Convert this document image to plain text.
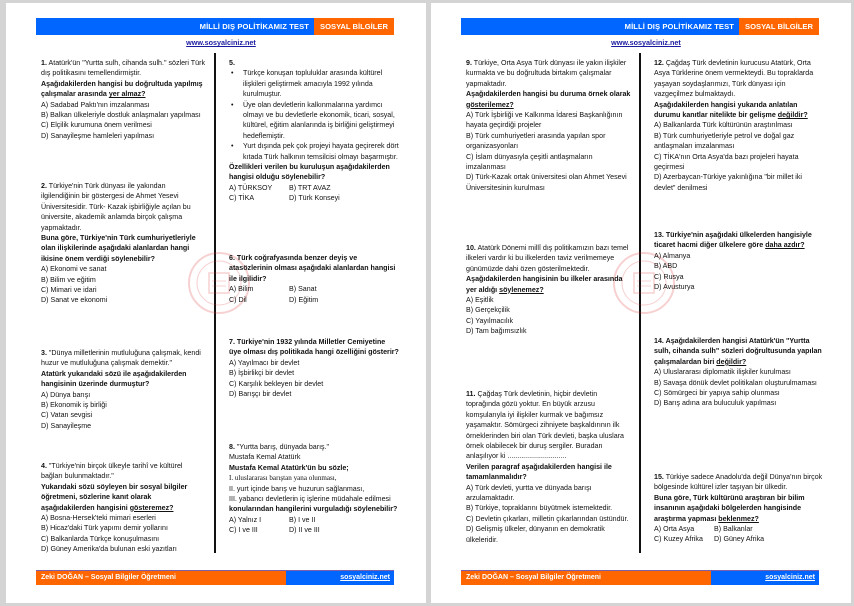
MİLLİ DIŞ POLİTİKAMIZ TEST	SOSYAL BİLGİLER 6
www.sosyalciniz.net
1. Atatürk'ün "Yurtta sulh, cihanda sulh." sözleri Türk dış politikasını temellendirmiştir.
Aşağıdakilerden hangisi bu doğrultuda yapılmış çalışmalar arasında yer almaz?
A) Sadabad Paktı'nın imzalanması
B) Balkan ülkeleriyle dostluk anlaşmaları yapılması
C) Elçilik kurumuna önem verilmesi
D) Sanayileşme hamleleri yapılması
2. Türkiye'nin Türk dünyası ile yakından ilgilendiğinin bir göstergesi de Ahmet Yesevi Üniversitesidir. Türk- Kazak işbirliğiyle açılan bu üniversite, akademik anlamda birçok çalışma yapmaktadır.
Buna göre, Türkiye'nin Türk cumhuriyetleriyle olan ilişkilerinde aşağıdaki alanlardan hangi ikisine önem verdiği söylenebilir?
A) Ekonomi ve sanat
B) Bilim ve eğitim
C) Mimari ve idari
D) Sanat ve ekonomi
3. "Dünya milletlerinin mutluluğuna çalışmak, kendi huzur ve mutluluğuna çalışmak demektir."
Atatürk yukarıdaki sözü ile aşağıdakilerden hangisinin üzerinde durmuştur?
A) Dünya barışı
B) Ekonomik iş birliği
C) Vatan sevgisi
D) Sanayileşme
4. "Türkiye'nin birçok ülkeyle tarihî ve kültürel bağları bulunmaktadır."
Yukarıdaki sözü söyleyen bir sosyal bilgiler öğretmeni, sözlerine kanıt olarak aşağıdakilerden hangisini gösteremez?
A) Bosna-Hersek'teki mimari eserleri
B) Hicaz'daki Türk yapımı demir yollarını
C) Balkanlarda Türkçe konuşulmasını
D) Güney Amerika'da bulunan eski yazıtları
5.
• Türkçe konuşan topluluklar arasında kültürel ilişkileri geliştirmek amacıyla 1992 yılında kurulmuştur.
• Üye olan devletlerin kalkınmalarına yardımcı olmayı ve bu devletlerle ekonomik, ticari, sosyal, kültürel, eğitim alanlarında iş birliğini geliştirmeyi hedeflemiştir.
• Yurt dışında pek çok projeyi hayata geçirerek dört kıtada Türk halkının temsilcisi olmayı başarmıştır.
Özellikleri verilen bu kuruluşun aşağıdakilerden hangisi olduğu söylenebilir?
A) TÜRKSOY	B) TRT AVAZ
C) TİKA	D) Türk Konseyi
6. Türk coğrafyasında benzer deyiş ve atasözlerinin olması aşağıdaki alanlardan hangisi ile ilgilidir?
A) Bilim	B) Sanat
C) Dil	D) Eğitim
7. Türkiye'nin 1932 yılında Milletler Cemiyetine üye olması dış politikada hangi özelliğini gösterir?
A) Yayılmacı bir devlet
B) İşbirlikçi bir devlet
C) Karşılık bekleyen bir devlet
D) Barışçı bir devlet
8. "Yurtta barış, dünyada barış."
Mustafa Kemal Atatürk
Mustafa Kemal Atatürk'ün bu sözle;
I. uluslararası barıştan yana olunması,
II. yurt içinde barış ve huzurun sağlanması,
III. yabancı devletlerin iç işlerine müdahale edilmesi
konularından hangilerini vurguladığı söylenebilir?
A) Yalnız I	B) I ve II
C) I ve III	D) II ve III
Zeki DOĞAN – Sosyal Bilgiler Öğretmeni	sosyalciniz.net
MİLLİ DIŞ POLİTİKAMIZ TEST	SOSYAL BİLGİLER 6
www.sosyalciniz.net
9. Türkiye, Orta Asya Türk dünyası ile yakın ilişkiler kurmakta ve bu doğrultuda birtakım çalışmalar yapmaktadır.
Aşağıdakilerden hangisi bu duruma örnek olarak gösterilemez?
A) Türk İşbirliği ve Kalkınma İdaresi Başkanlığının hayata geçirdiği projeler
B) Türk cumhuriyetleri arasında yapılan spor organizasyonları
C) İslam dünyasıyla çeşitli antlaşmaların imzalanması
D) Türk-Kazak ortak üniversitesi olan Ahmet Yesevi Üniversitesinin kurulması
10. Atatürk Dönemi millî dış politikamızın bazı temel ilkeleri vardır ki bu ilkelerden taviz verilmemeye günümüzde dahi özen gösterilmektedir.
Aşağıdakilerden hangisinin bu ilkeler arasında yer aldığı söylenemez?
A) Eşitlik
B) Gerçekçilik
C) Yayılmacılık
D) Tam bağımsızlık
11. Çağdaş Türk devletinin, hiçbir devletin toprağında gözü yoktur. En büyük arzusu komşularıyla iyi ilişkiler kurmak ve bağımsız yaşamaktır. Sömürgeci zihniyete başkaldırının ilk örneklerinden biri olan Türk devleti, başka uluslara örnek olabilecek bir duruş sergiler. Buradan anlaşılıyor ki ..............................
Verilen paragraf aşağıdakilerden hangisi ile tamamlanmalıdır?
A) Türk devleti, yurtta ve dünyada barışı arzulamaktadır.
B) Türkiye, topraklarını büyütmek istemektedir.
C) Devletin çıkarları, milletin çıkarlarından üstündür.
D) Gelişmiş ülkeler, dünyanın en demokratik ülkeleridir.
12. Çağdaş Türk devletinin kurucusu Atatürk, Orta Asya Türklerine önem vermekteydi. Bu topraklarda yaşayan soydaşlarımızı, Türk dünyası için vazgeçilmez bulmaktaydı.
Aşağıdakilerden hangisi yukarıda anlatılan durumu kanıtlar nitelikte bir gelişme değildir?
A) Balkanlarda Türk kültürünün araştırılması
B) Türk cumhuriyetleriyle petrol ve doğal gaz antlaşmaları imzalanması
C) TİKA'nın Orta Asya'da bazı projeleri hayata geçirmesi
D) Azerbaycan-Türkiye yakınlığına "bir millet iki devlet" denilmesi
13. Türkiye'nin aşağıdaki ülkelerden hangisiyle ticaret hacmi diğer ülkelere göre daha azdır?
A) Almanya
B) ABD
C) Rusya
D) Avusturya
14. Aşağıdakilerden hangisi Atatürk'ün "Yurtta sulh, cihanda sulh" sözleri doğrultusunda yapılan çalışmalardan biri değildir?
A) Uluslararası diplomatik ilişkiler kurulması
B) Savaşa dönük devlet politikaları oluşturulmaması
C) Sömürgeci bir yapıya sahip olunması
D) Barış adına ara buluculuk yapılması
15. Türkiye sadece Anadolu'da değil Dünya'nın birçok bölgesinde kültürel izler taşıyan bir ülkedir.
Buna göre, Türk kültürünü araştıran bir bilim insanının aşağıdaki bölgelerden hangisinde araştırma yapması beklenmez?
A) Orta Asya	B) Balkanlar
C) Kuzey Afrika	D) Güney Afrika
Zeki DOĞAN – Sosyal Bilgiler Öğretmeni	sosyalciniz.net
